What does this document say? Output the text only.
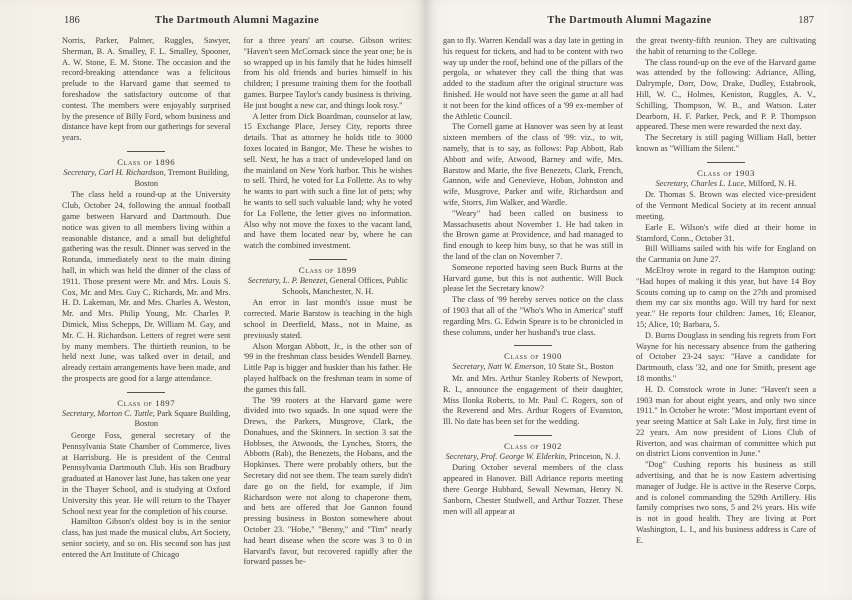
186	The Dartmouth Alumni Magazine

Norris, Parker, Palmer, Ruggles, Sawyer, Sherman, B. A. Smalley, F. L. Smalley, Spooner, A. W. Stone, E. M. Stone. The occasion and the record-breaking attendance was a felicitous prelude to the Harvard game that seemed to foreshadow the satisfactory outcome of that contest. The members were enjoyably surprised by the presence of Billy Ford, whom business and distance have kept from our gatherings for several years.

Class of 1896

Secretary, Carl H. Richardson, Tremont Building, Boston

The class held a round-up at the University Club, October 24, following the annual football game between Harvard and Dartmouth. Due notice was given to all members living within a reasonable distance, and a small but delightful gathering was the result. Dinner was served in the Rotunda, immediately next to the main dining hall, in which was held the dinner of the class of 1911. Those present were Mr. and Mrs. Louis S. Cox, Mr. and Mrs. Guy C. Richards, Mr. and Mrs. H. D. Lakeman, Mr. and Mrs. Charles A. Weston, Mr. and Mrs. Philip Young, Mr. Charles P. Dimick, Miss Schepps, Dr. William M. Gay, and Mr. C. H. Richardson. Letters of regret were sent by many members. The thirtieth reunion, to be held next June, was talked over in detail, and already certain arrangements have been made, and the prospects are good for a large attendance.

Class of 1897

Secretary, Morton C. Tuttle, Park Square Building, Boston

George Foss, general secretary of the Pennsylvania State Chamber of Commerce, lives at Harrisburg. He is president of the Central Pennsylvania Dartmouth Club. His son Bradbury graduated at Hanover last June, has taken one year in the Thayer School, and is studying at Oxford University this year. He will return to the Thayer School next year for the completion of his course.

Hamilton Gibson's oldest boy is in the senior class, has just made the musical clubs, Art Society, senior society, and so on. His second son has just entered the Art Institute of Chicago

for a three years' art course. Gibson writes: "Haven't seen McCornack since the year one; he is so wrapped up in his family that he hides himself from his old friends and buries himself in his children; I presume training them for the football games. Burpee Taylor's candy business is thriving. He just bought a new car, and things look rosy."

A letter from Dick Boardman, counselor at law, 15 Exchange Place, Jersey City, reports three details. That as attorney he holds title to 3000 foxes located in Bangor, Me. These he wishes to sell. Next, he has a tract of undeveloped land on the mainland on New York harbor. This he wishes to sell. Third, he voted for La Follette. As to why he wants to part with such a fine lot of pets; why he wants to sell such valuable land; why he voted for La Follette, the letter gives no information. Also why not move the foxes to the vacant land, and have them located near by, where he can watch the combined investment.

Class of 1899

Secretary, L. P. Benezet, General Offices, Public Schools, Manchester, N. H.

An error in last month's issue must be corrected. Marie Barstow is teaching in the high school in Deerfield, Mass., not in Maine, as previously stated.

Alson Morgan Abbott, Jr., is the other son of '99 in the freshman class besides Wendell Barney. Little Pap is bigger and huskier than his father. He played halfback on the freshman team in some of the games this fall.

The '99 rooters at the Harvard game were divided into two squads. In one squad were the Drews, the Parkers, Musgrove, Clark, the Donahues, and the Skinners. In section 3 sat the Hobbses, the Atwoods, the Lynches, Storrs, the Abbotts (Rab), the Benezets, the Hobans, and the Hopkinses. There were probably others, but the Secretary did not see them. The team surely didn't dare go on the field, for example, if Jim Richardson were not along to chaperone them, and bets are offered that Joe Gannon found pressing business in Boston somewhere about October 23. "Hobe," "Benny," and "Tim" nearly had heart disease when the score was 3 to 0 in Harvard's favor, but recovered rapidly after the forward passes be-

The Dartmouth Alumni Magazine	187

gan to fly. Warren Kendall was a day late in getting in his request for tickets, and had to be content with two way up under the roof, behind one of the pillars of the pergola, or whatever they call the thing that was added to the stadium after the original structure was finished. He would not have seen the game at all had it not been for the kind offices of a '99 ex-member of the Athletic Council.

The Cornell game at Hanover was seen by at least sixteen members of the class of '99: viz., to wit, namely, that is to say, as follows: Pap Abbott, Rab Abbott and wife, Atwood, Barney and wife, Mrs. Barstow and Marie, the five Benezets, Clark, French, Gannon, wife and Genevieve, Hoban, Johnston and wife, Musgrove, Parker and wife, Richardson and wife, Storrs, Jim Walker, and Wardle.

"Weary" had been called on business to Massachusetts about November 1. He had taken in the Brown game at Providence, and had managed to find enough to keep him busy, so that he was still in the land of the clan on November 7.

Someone reported having seen Buck Burns at the Harvard game, but this is not authentic. Will Buck please let the Secretary know?

The class of '99 hereby serves notice on the class of 1903 that all of the "Who's Who in America" stuff regarding Mrs. G. Edwin Speare is to be chronicled in these columns, under her husband's true class.

Class of 1900

Secretary, Natt W. Emerson, 10 State St., Boston

Mr. and Mrs. Arthur Stanley Roberts of Newport, R. I., announce the engagement of their daughter, Miss Ilonka Roberts, to Mr. Paul C. Rogers, son of the Reverend and Mrs. Arthur Rogers of Evanston, Ill. No date has been set for the wedding.

Class of 1902

Secretary, Prof. George W. Elderkin, Princeton, N. J.

During October several members of the class appeared in Hanover. Bill Adriance reports meeting there George Hubbard, Sewall Newman, Henry N. Sanborn, Chester Studwell, and Arthur Tozzer. These men will all appear at

the great twenty-fifth reunion. They are cultivating the habit of returning to the College.

The class round-up on the eve of the Harvard game was attended by the following: Adriance, Alling, Dalrymple, Dorr, Dow, Drake, Dudley, Estabrook, Hill, W. C., Holmes, Keniston, Ruggles, A. V., Schilling, Thompson, W. B., and Watson. Later Dearborn, H. F. Parker, Peck, and P. P. Thompson appeared. These men were rewarded the next day.

The Secretary is still paging William Hall, better known as "William the Silent."

Class of 1903

Secretary, Charles L. Luce, Milford, N. H.

Dr. Thomas S. Brown was elected vice-president of the Vermont Medical Society at its recent annual meeting.

Earle E. Wilson's wife died at their home in Stamford, Conn., October 31.

Bill Williams sailed with his wife for England on the Carmania on June 27.

McElroy wrote in regard to the Hampton outing: "Had hopes of making it this year, but have 14 Boy Scouts coming up to camp on the 27th and promised them my car six months ago. Will try hard for next year." He reports four children: James, 16; Eleanor, 15; Alice, 10; Barbara, 5.

D. Burns Douglass in sending his regrets from Fort Wayne for his necessary absence from the gathering of October 23-24 says: "Have a candidate for Dartmouth, class '32, and one for Smith, present age 18 months."

H. D. Comstock wrote in June: "Haven't seen a 1903 man for about eight years, and only two since 1911." In October he wrote: "Most important event of year seeing Mattice at Salt Lake in July, first time in 22 years. Am now president of Lions Club of Riverton, and was chairman of committee which put on district Lions convention in June."

"Dog" Cushing reports his business as still advertising, and that he is now Eastern advertising manager of Judge. He is active in the Reserve Corps, and is colonel commanding the 529th Artillery. His family comprises two sons, 5 and 2½ years. His wife is not in good health. They are living at Port Washington, L. I., and his business address is Care of E.
